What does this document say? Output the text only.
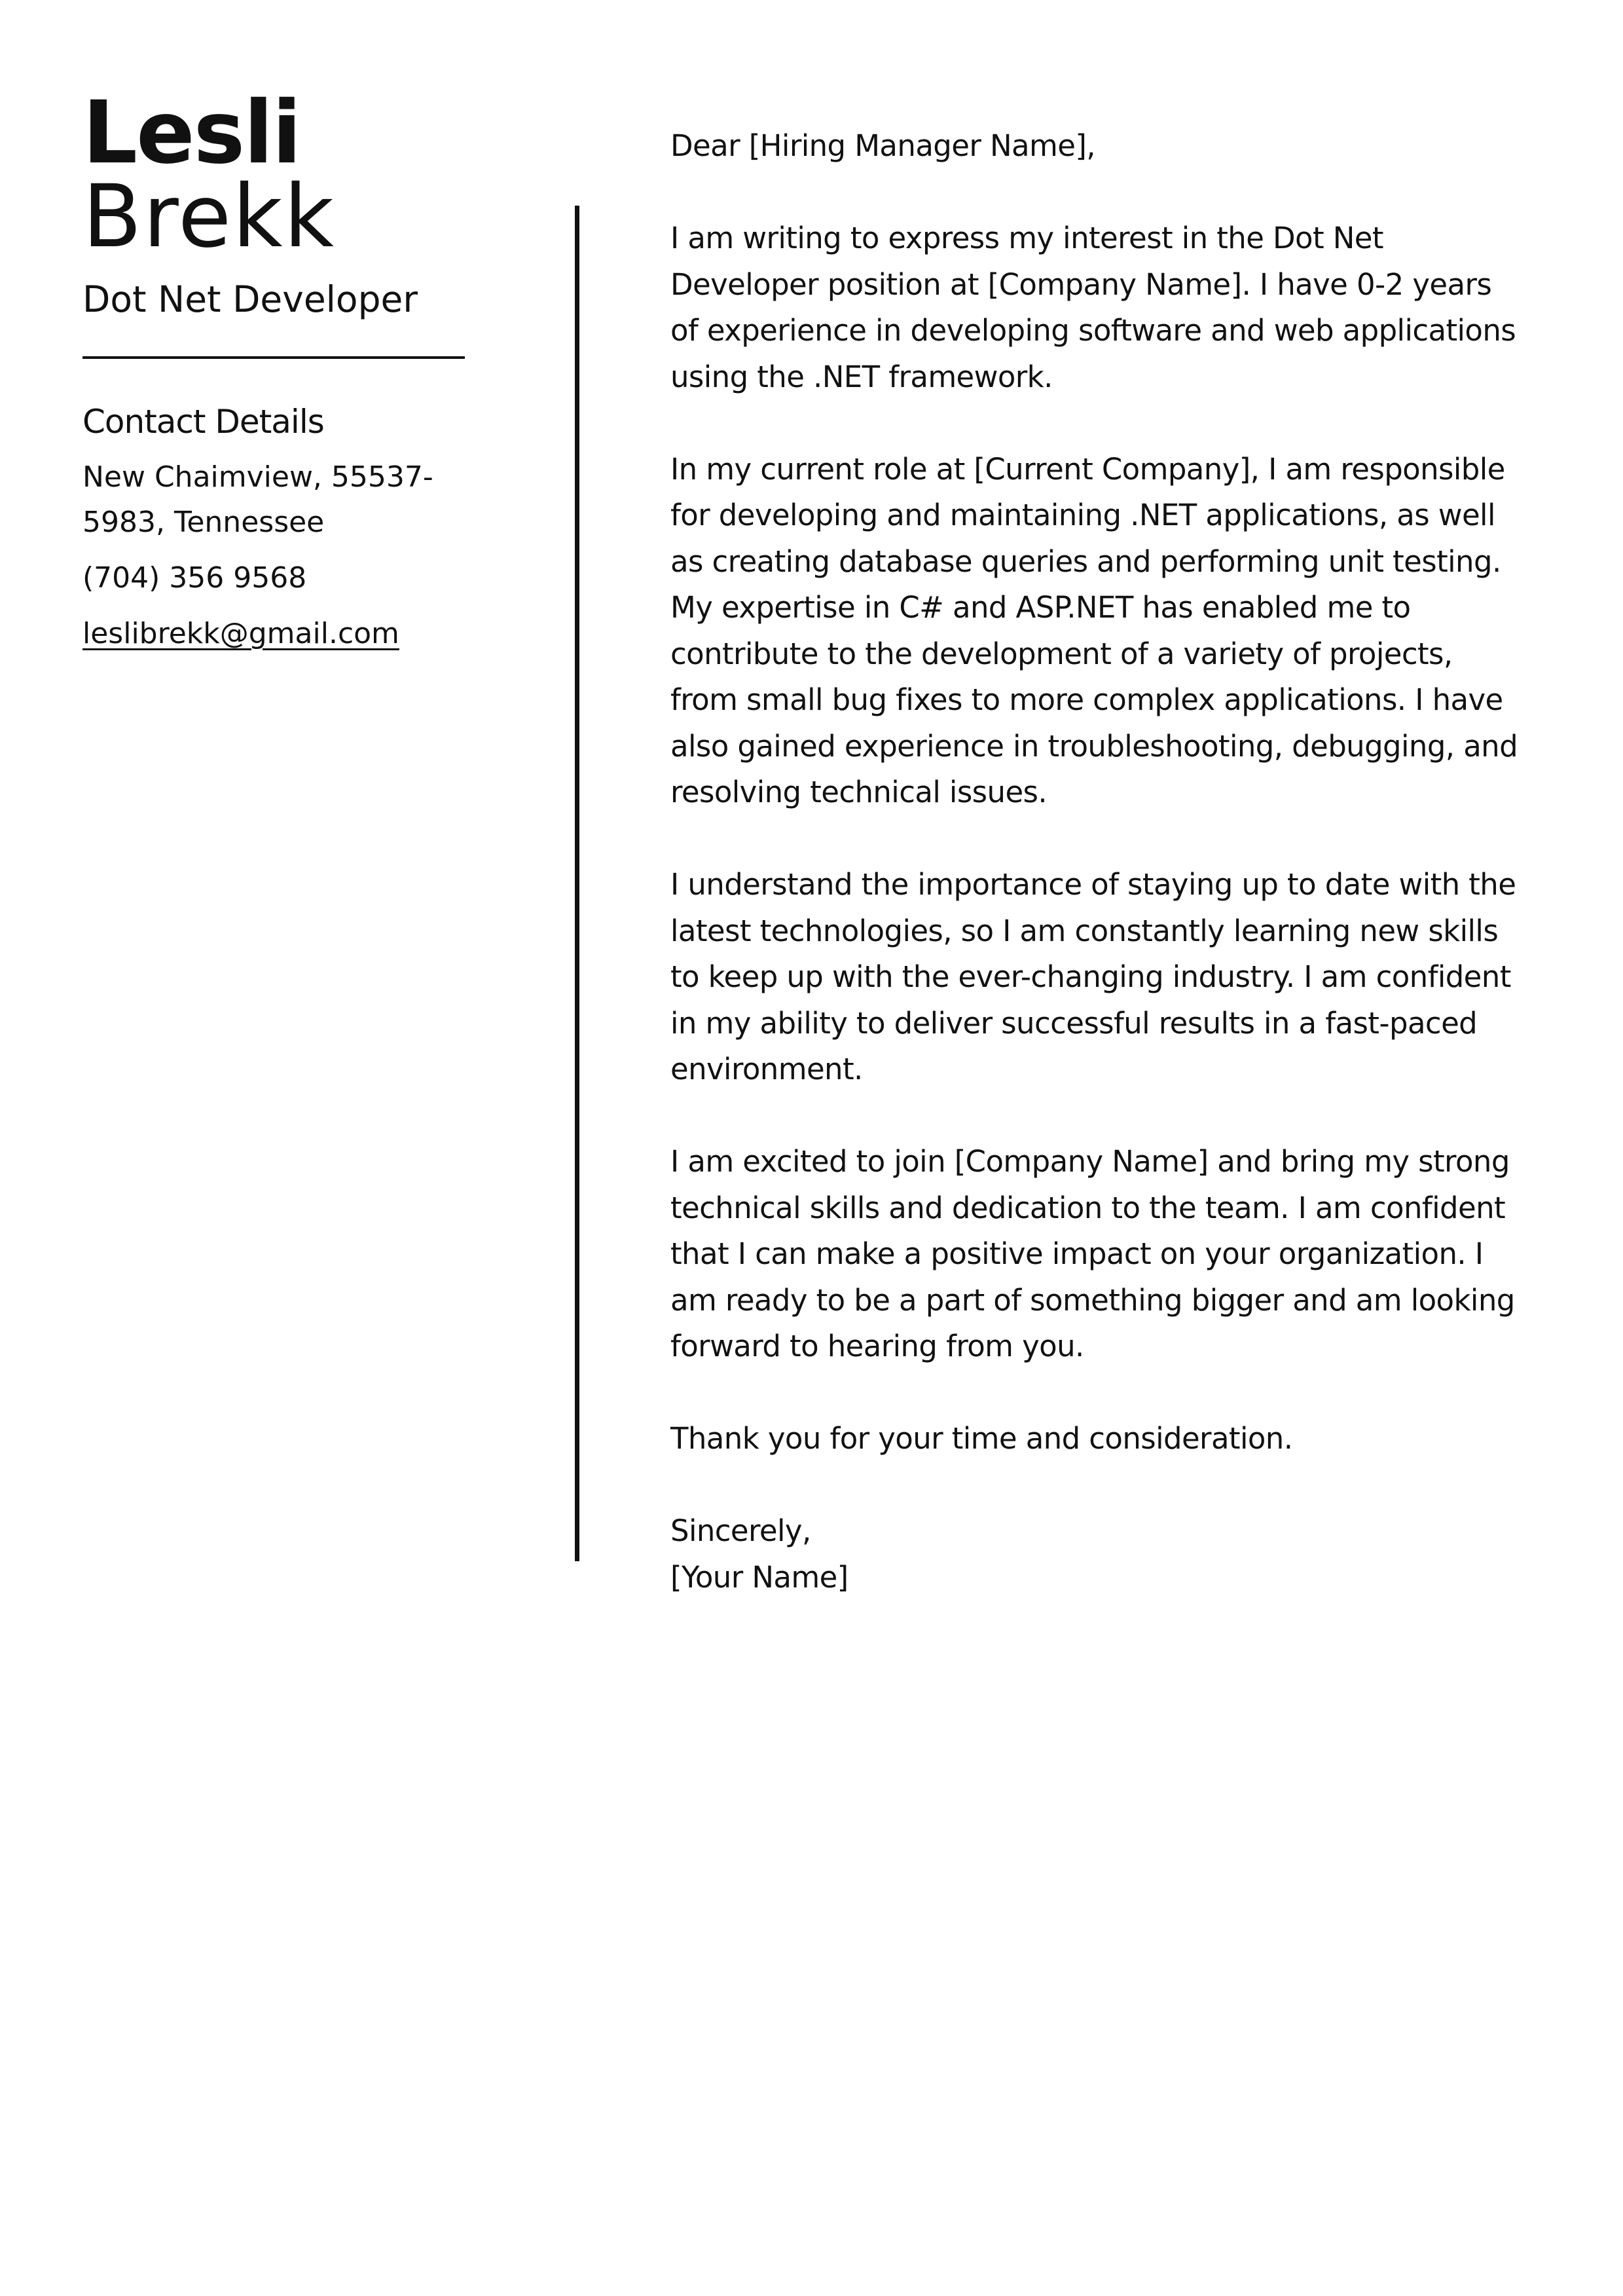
Lesli
Brekk
Dot Net Developer
Contact Details
New Chaimview, 55537-
5983, Tennessee
(704) 356 9568
leslibrekk@gmail.com

Dear [Hiring Manager Name],

I am writing to express my interest in the Dot Net Developer position at [Company Name]. I have 0-2 years of experience in developing software and web applications using the .NET framework.

In my current role at [Current Company], I am responsible for developing and maintaining .NET applications, as well as creating database queries and performing unit testing. My expertise in C# and ASP.NET has enabled me to contribute to the development of a variety of projects, from small bug fixes to more complex applications. I have also gained experience in troubleshooting, debugging, and resolving technical issues.

I understand the importance of staying up to date with the latest technologies, so I am constantly learning new skills to keep up with the ever-changing industry. I am confident in my ability to deliver successful results in a fast-paced environment.

I am excited to join [Company Name] and bring my strong technical skills and dedication to the team. I am confident that I can make a positive impact on your organization. I am ready to be a part of something bigger and am looking forward to hearing from you.

Thank you for your time and consideration.

Sincerely,

[Your Name]
